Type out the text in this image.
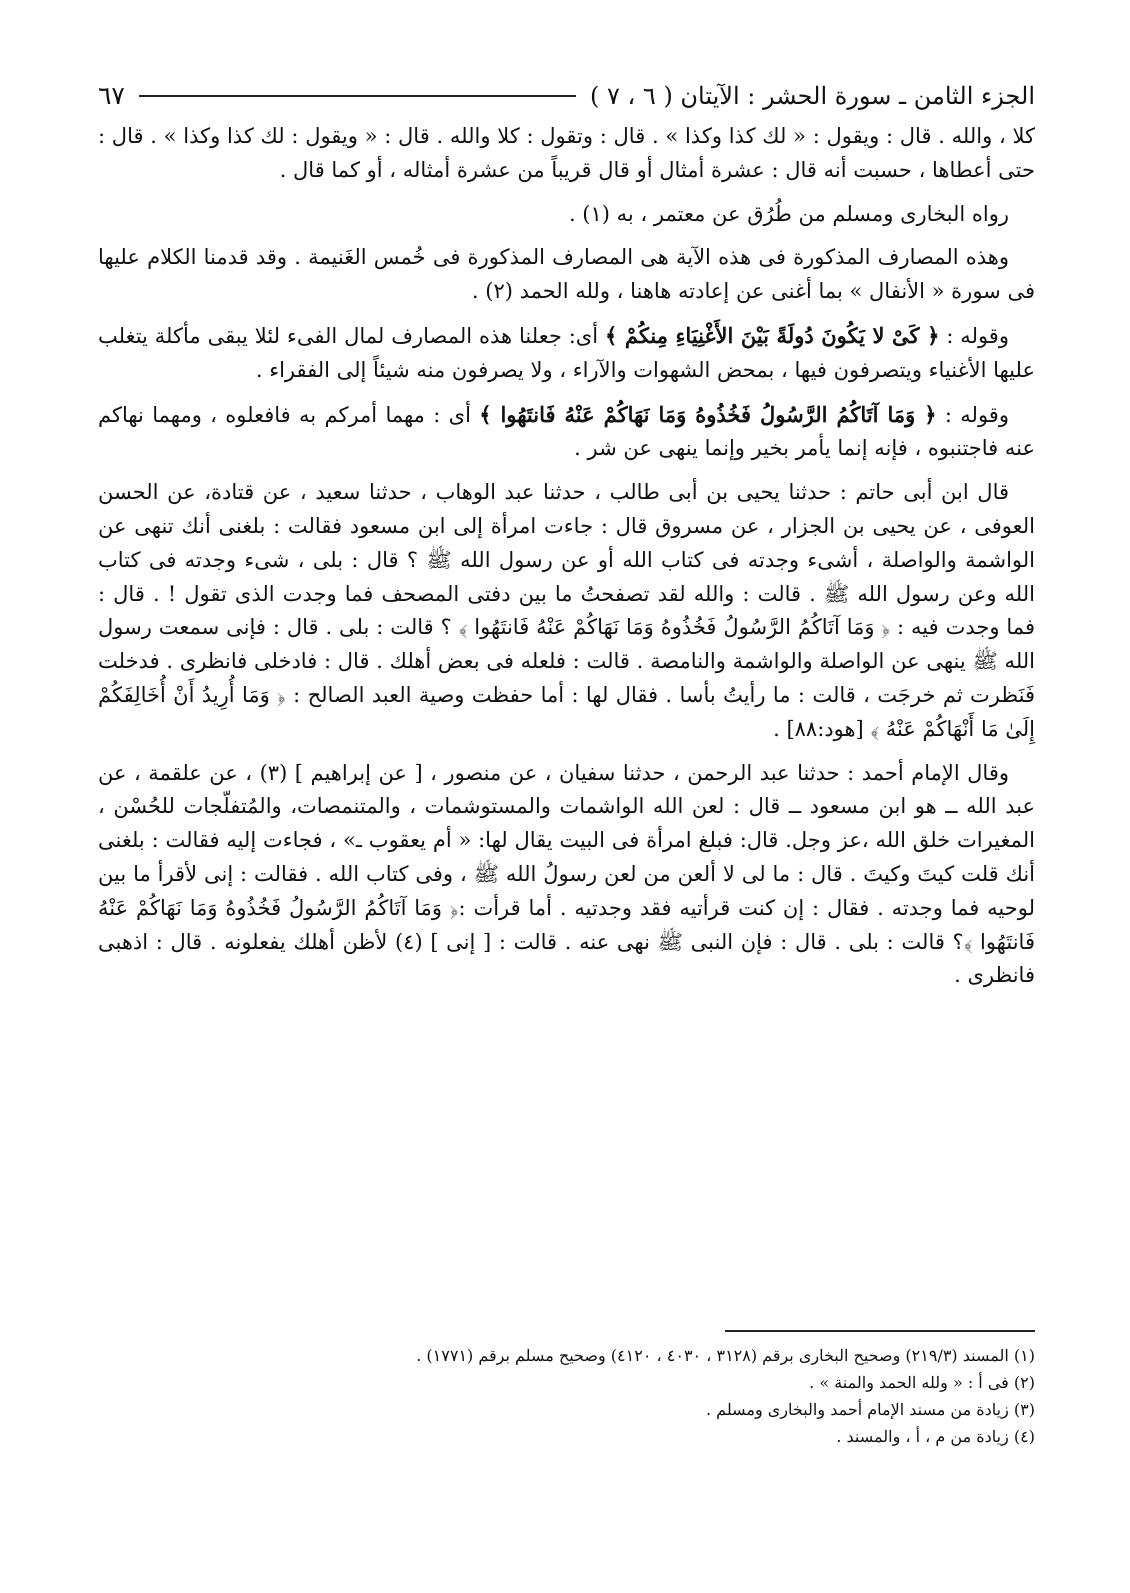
الجزء الثامن ـ سورة الحشر : الآيتان ( ٦ ، ٧ )
٦٧

كلا ، والله . قال : ويقول : « لك كذا وكذا » . قال : وتقول : كلا والله . قال : « ويقول : لك كذا وكذا » . قال : حتى أعطاها ، حسبت أنه قال : عشرة أمثال أو قال قريباً من عشرة أمثاله ، أو كما قال .

رواه البخارى ومسلم من طُرُق عن معتمر ، به (١) .

وهذه المصارف المذكورة فى هذه الآية هى المصارف المذكورة فى خُمس الغَنيمة . وقد قدمنا الكلام عليها فى سورة « الأنفال » بما أغنى عن إعادته هاهنا ، ولله الحمد (٢) .

وقوله : ﴿ كَىْ لا يَكُونَ دُولَةً بَيْنَ الأَغْنِيَاءِ مِنكُمْ ﴾ أى: جعلنا هذه المصارف لمال الفىء لئلا يبقى مأكلة يتغلب عليها الأغنياء ويتصرفون فيها ، بمحض الشهوات والآراء ، ولا يصرفون منه شيئاً إلى الفقراء .

وقوله : ﴿ وَمَا آتَاكُمُ الرَّسُولُ فَخُذُوهُ وَمَا نَهَاكُمْ عَنْهُ فَانتَهُوا ﴾ أى : مهما أمركم به فافعلوه ، ومهما نهاكم عنه فاجتنبوه ، فإنه إنما يأمر بخير وإنما ينهى عن شر .

قال ابن أبى حاتم : حدثنا يحيى بن أبى طالب ، حدثنا عبد الوهاب ، حدثنا سعيد ، عن قتادة، عن الحسن العوفى ، عن يحيى بن الجزار ، عن مسروق قال : جاءت امرأة إلى ابن مسعود فقالت : بلغنى أنك تنهى عن الواشمة والواصلة ، أشىء وجدته فى كتاب الله أو عن رسول الله ﷺ ؟ قال : بلى ، شىء وجدته فى كتاب الله وعن رسول الله ﷺ . قالت : والله لقد تصفحتُ ما بين دفتى المصحف فما وجدت الذى تقول ! . قال : فما وجدت فيه : ﴿ وَمَا آتَاكُمُ الرَّسُولُ فَخُذُوهُ وَمَا نَهَاكُمْ عَنْهُ فَانتَهُوا ﴾ ؟ قالت : بلى . قال : فإنى سمعت رسول الله ﷺ ينهى عن الواصلة والواشمة والنامصة . قالت : فلعله فى بعض أهلك . قال : فادخلى فانظرى . فدخلت فَنَظرت ثم خرجَت ، قالت : ما رأيتُ بأسا . فقال لها : أما حفظت وصية العبد الصالح : ﴿ وَمَا أُرِيدُ أَنْ أُخَالِفَكُمْ إِلَىٰ مَا أَنْهَاكُمْ عَنْهُ ﴾ [هود:٨٨] .

وقال الإمام أحمد : حدثنا عبد الرحمن ، حدثنا سفيان ، عن منصور ، [ عن إبراهيم ] (٣) ، عن علقمة ، عن عبد الله ــ هو ابن مسعود ــ قال : لعن الله الواشمات والمستوشمات ، والمتنمصات، والمُتفلّجات للحُسْن ، المغيرات خلق الله ،عز وجل. قال: فبلغ امرأة فى البيت يقال لها: « أم يعقوب ـ» ، فجاءت إليه فقالت : بلغنى أنك قلت كيتَ وكيتَ . قال : ما لى لا ألعن من لعن رسولُ الله ﷺ ، وفى كتاب الله . فقالت : إنى لأقرأ ما بين لوحيه فما وجدته . فقال : إن كنت قرأتيه فقد وجدتيه . أما قرأت :﴿ وَمَا آتَاكُمُ الرَّسُولُ فَخُذُوهُ وَمَا نَهَاكُمْ عَنْهُ فَانتَهُوا ﴾؟ قالت : بلى . قال : فإن النبى ﷺ نهى عنه . قالت : [ إنى ] (٤) لأظن أهلك يفعلونه . قال : اذهبى فانظرى .

(١) المسند (٢١٩/٣) وصحيح البخارى برقم (٣١٢٨ ، ٤٠٣٠ ، ٤١٢٠) وصحيح مسلم برقم (١٧٧١) .
(٢) فى أ : « ولله الحمد والمنة » .
(٣) زيادة من مسند الإمام أحمد والبخارى ومسلم .
(٤) زيادة من م ، أ ، والمسند .
